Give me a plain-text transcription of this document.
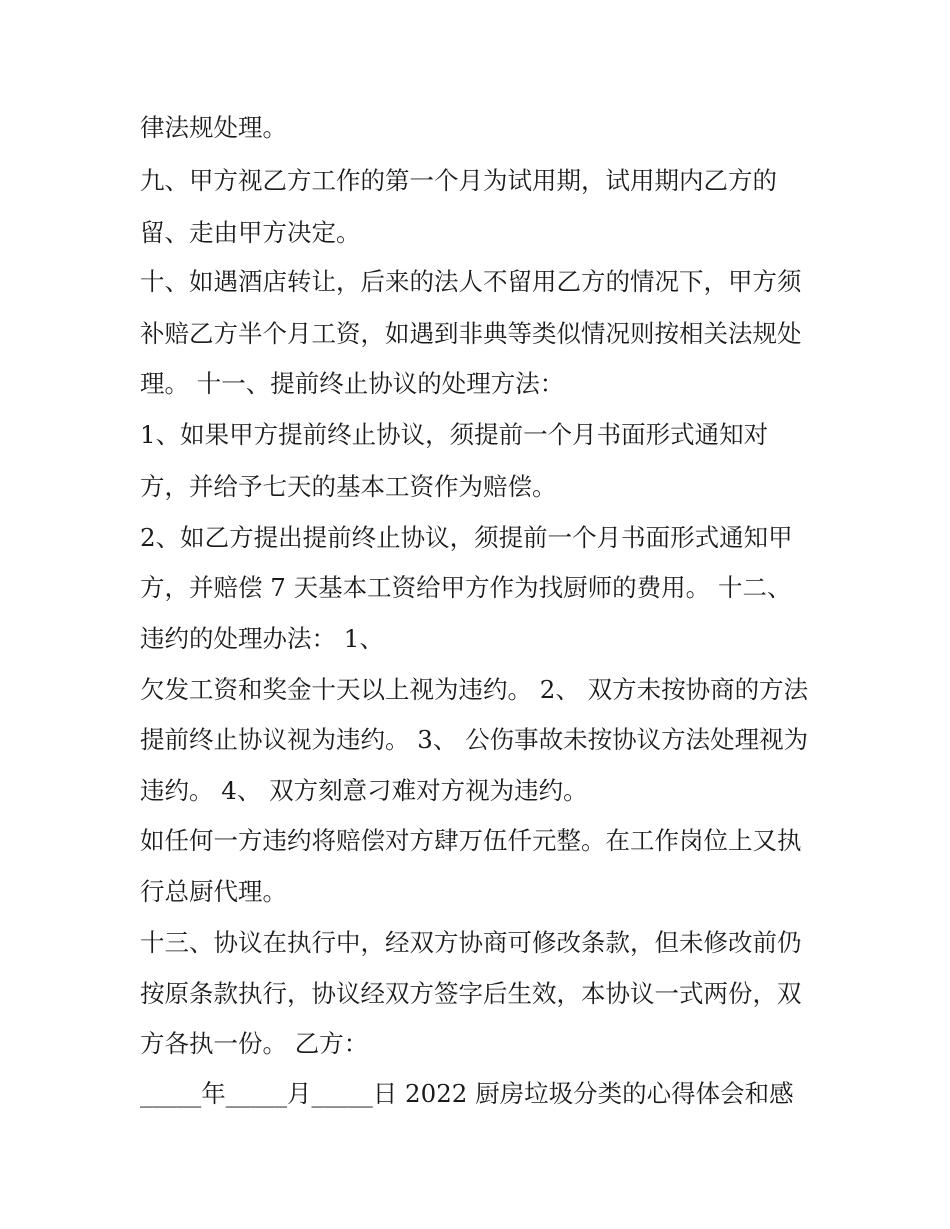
律法规处理。
九、甲方视乙方工作的第一个月为试用期，试用期内乙方的
留、走由甲方决定。
十、如遇酒店转让，后来的法人不留用乙方的情况下，甲方须
补赔乙方半个月工资，如遇到非典等类似情况则按相关法规处
理。 十一、提前终止协议的处理方法：
1、如果甲方提前终止协议，须提前一个月书面形式通知对
方，并给予七天的基本工资作为赔偿。
2、如乙方提出提前终止协议，须提前一个月书面形式通知甲
方，并赔偿 7 天基本工资给甲方作为找厨师的费用。 十二、
违约的处理办法： 1、
欠发工资和奖金十天以上视为违约。 2、 双方未按协商的方法
提前终止协议视为违约。 3、 公伤事故未按协议方法处理视为
违约。 4、 双方刻意刁难对方视为违约。
如任何一方违约将赔偿对方肆万伍仟元整。在工作岗位上又执
行总厨代理。
十三、协议在执行中，经双方协商可修改条款，但未修改前仍
按原条款执行，协议经双方签字后生效，本协议一式两份，双
方各执一份。 乙方：
_____年_____月_____日 2022 厨房垃圾分类的心得体会和感
